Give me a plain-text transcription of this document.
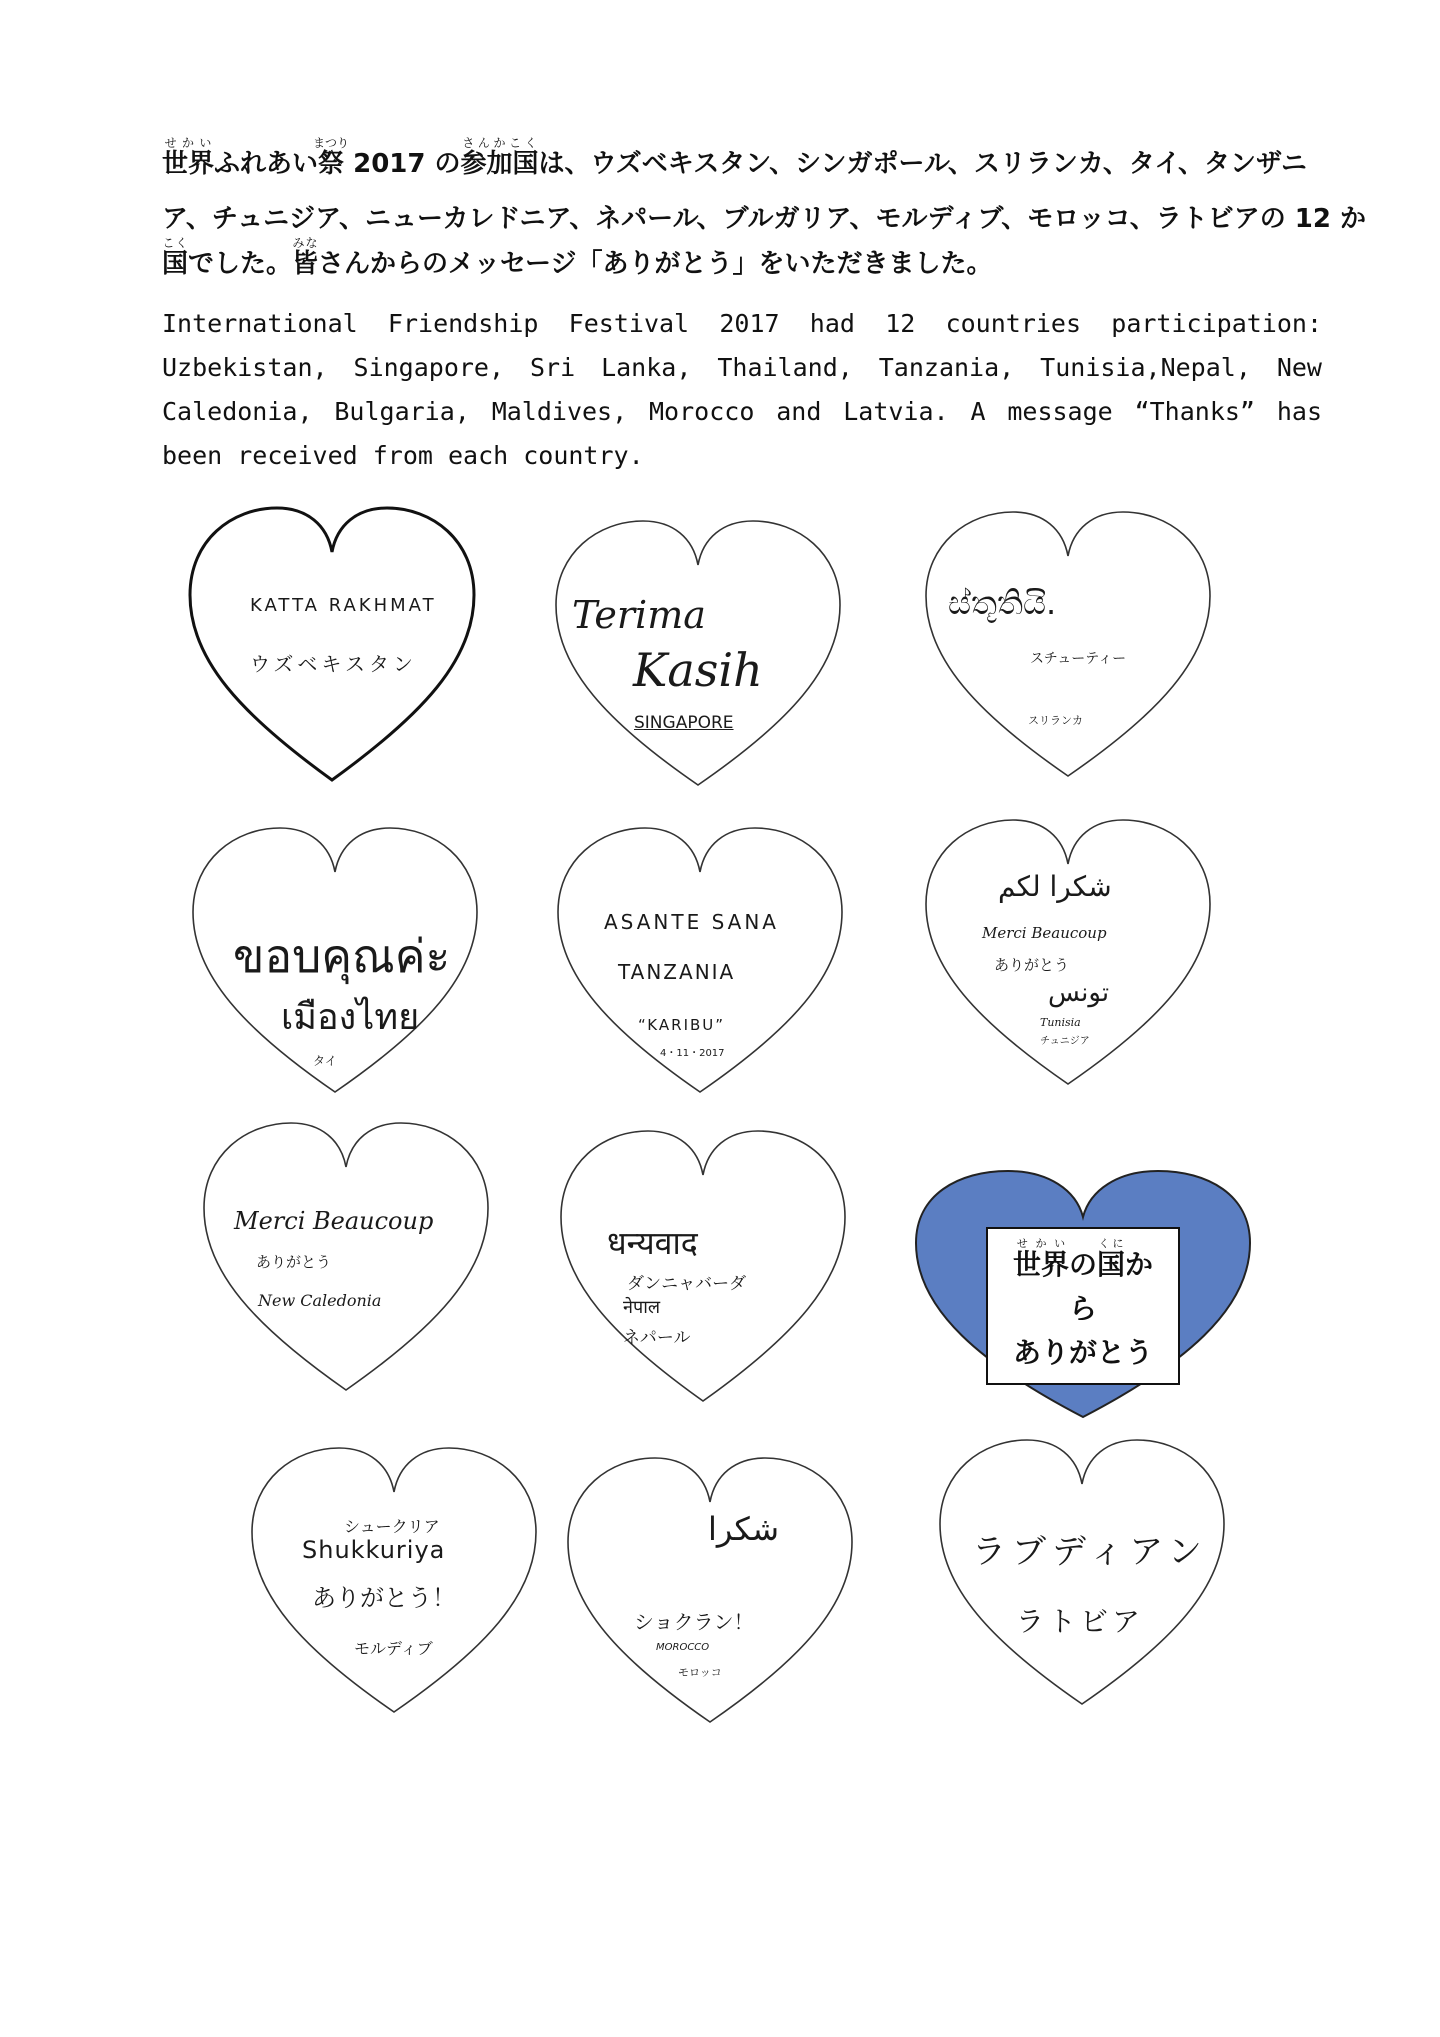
世界せかいふれあい祭まつり 2017 の参加国さんかこくは、ウズベキスタン、シンガポール、スリランカ、タイ、タンザニ

ア、チュニジア、ニューカレドニア、ネパール、ブルガリア、モルディブ、モロッコ、ラトビアの 12 か

国こくでした。皆みなさんからのメッセージ「ありがとう」をいただきました。

International Friendship Festival 2017 had 12 countries participation: Uzbekistan, Singapore, Sri Lanka, Thailand, Tanzania, Tunisia,Nepal, New Caledonia, Bulgaria, Maldives, Morocco and Latvia. A message “Thanks” has been received from each country.

KATTA RAKHMAT
ウズベキスタン
Terima
Kasih
SINGAPORE
ස්තූතියි.
スチューティー
スリランカ
ขอบคุณค่ะ
เมืองไทย
タイ
ASANTE SANA
TANZANIA
“KARIBU”
4・11・2017
شكرا لكم
Merci Beaucoup
ありがとう
تونس
Tunisia
チュニジア
Merci Beaucoup
ありがとう
New Caledonia
धन्यवाद
ダンニャバーダ
नेपाल
ネパール
世界せかいの国くにから
ありがとう
シュークリア
Shukkuriya
ありがとう！
モルディブ
شكرا
ショクラン！
MOROCCO
モロッコ
ラブディアン
ラトビア
